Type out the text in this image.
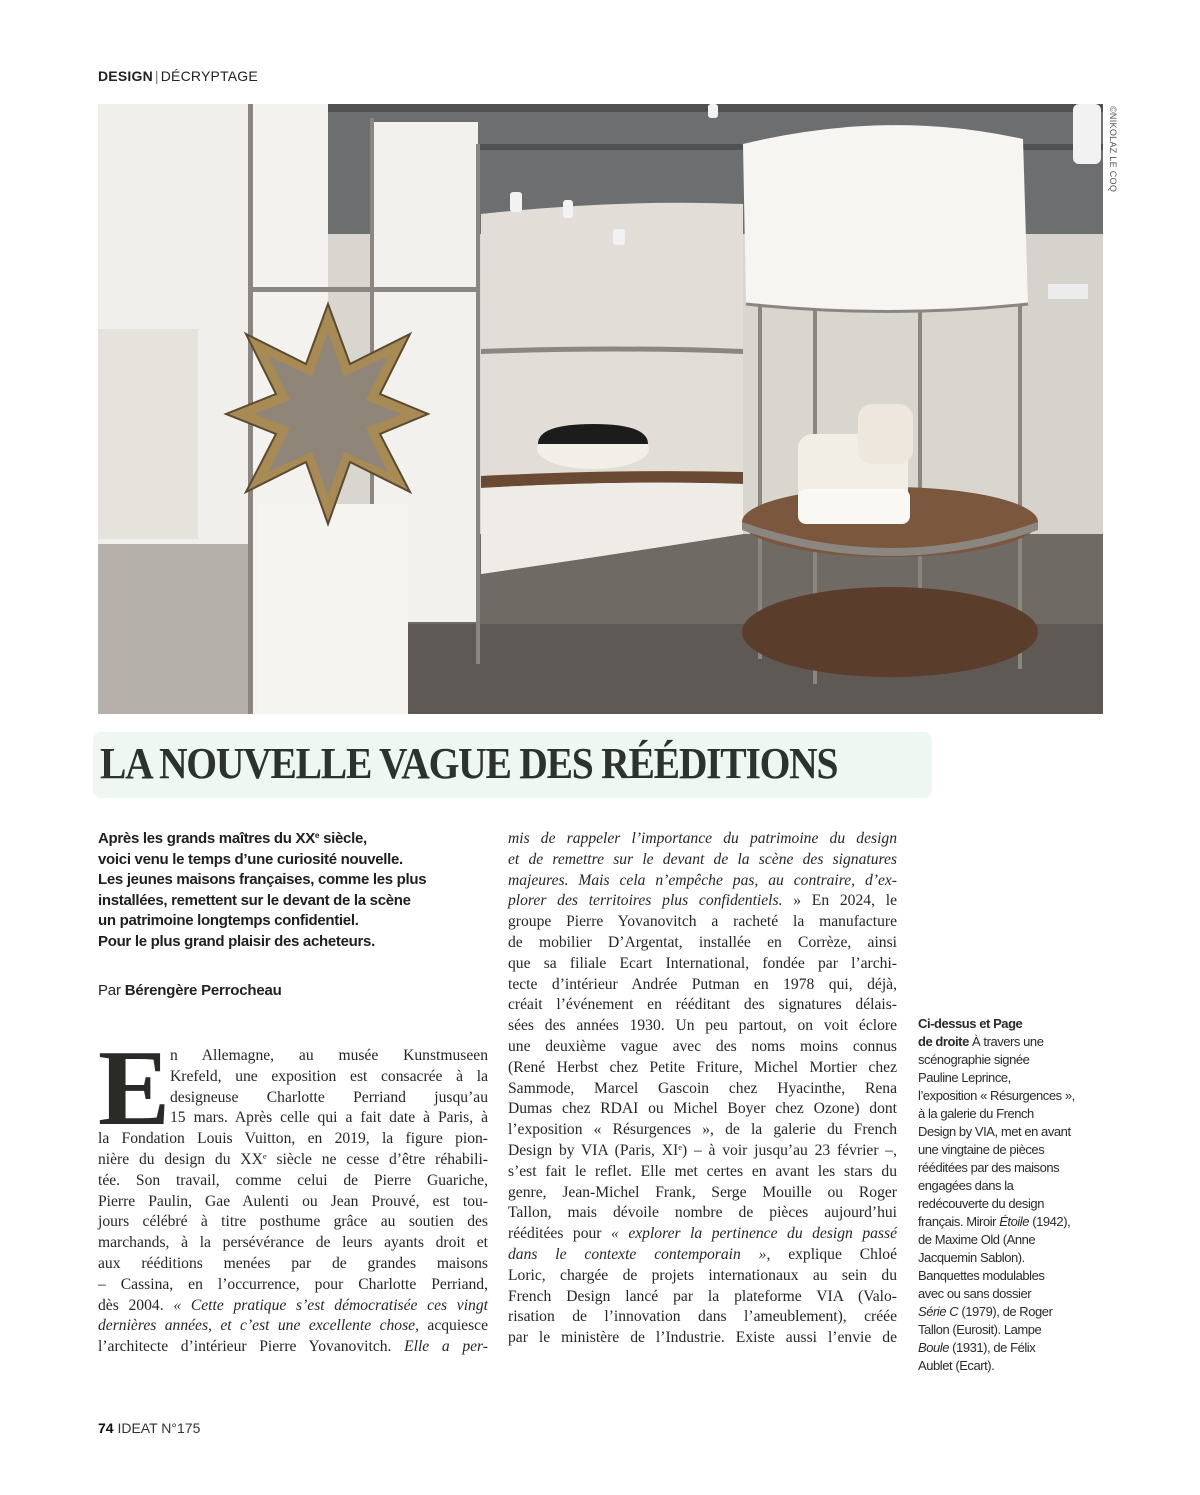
DESIGN | DÉCRYPTAGE
©NIKOLAZ LE COQ
LA NOUVELLE VAGUE DES RÉÉDITIONS
Après les grands maîtres du XXe siècle,
voici venu le temps d’une curiosité nouvelle.
Les jeunes maisons françaises, comme les plus
installées, remettent sur le devant de la scène
un patrimoine longtemps confidentiel.
Pour le plus grand plaisir des acheteurs.
Par Bérengère Perrocheau
E n Allemagne, au musée Kunstmuseen
Krefeld, une exposition est consacrée à la
designeuse Charlotte Perriand jusqu’au
15 mars. Après celle qui a fait date à Paris, à
la Fondation Louis Vuitton, en 2019, la figure pion-
nière du design du XXe siècle ne cesse d’être réhabili-
tée. Son travail, comme celui de Pierre Guariche,
Pierre Paulin, Gae Aulenti ou Jean Prouvé, est tou-
jours célébré à titre posthume grâce au soutien des
marchands, à la persévérance de leurs ayants droit et
aux rééditions menées par de grandes maisons
– Cassina, en l’occurrence, pour Charlotte Perriand,
dès 2004. « Cette pratique s’est démocratisée ces vingt
dernières années, et c’est une excellente chose, acquiesce
l’architecte d’intérieur Pierre Yovanovitch. Elle a per-
mis de rappeler l’importance du patrimoine du design
et de remettre sur le devant de la scène des signatures
majeures. Mais cela n’empêche pas, au contraire, d’ex-
plorer des territoires plus confidentiels. » En 2024, le
groupe Pierre Yovanovitch a racheté la manufacture
de mobilier D’Argentat, installée en Corrèze, ainsi
que sa filiale Ecart International, fondée par l’archi-
tecte d’intérieur Andrée Putman en 1978 qui, déjà,
créait l’événement en rééditant des signatures délais-
sées des années 1930. Un peu partout, on voit éclore
une deuxième vague avec des noms moins connus
(René Herbst chez Petite Friture, Michel Mortier chez
Sammode, Marcel Gascoin chez Hyacinthe, Rena
Dumas chez RDAI ou Michel Boyer chez Ozone) dont
l’exposition « Résurgences », de la galerie du French
Design by VIA (Paris, XIe) – à voir jusqu’au 23 février –,
s’est fait le reflet. Elle met certes en avant les stars du
genre, Jean-Michel Frank, Serge Mouille ou Roger
Tallon, mais dévoile nombre de pièces aujourd’hui
rééditées pour « explorer la pertinence du design passé
dans le contexte contemporain », explique Chloé
Loric, chargée de projets internationaux au sein du
French Design lancé par la plateforme VIA (Valo-
risation de l’innovation dans l’ameublement), créée
par le ministère de l’Industrie. Existe aussi l’envie de
Ci-dessus et Page
de droite À travers une
scénographie signée
Pauline Leprince,
l’exposition « Résurgences »,
à la galerie du French
Design by VIA, met en avant
une vingtaine de pièces
rééditées par des maisons
engagées dans la
redécouverte du design
français. Miroir Étoile (1942),
de Maxime Old (Anne
Jacquemin Sablon).
Banquettes modulables
avec ou sans dossier
Série C (1979), de Roger
Tallon (Eurosit). Lampe
Boule (1931), de Félix
Aublet (Ecart).
74 IDEAT N°175
